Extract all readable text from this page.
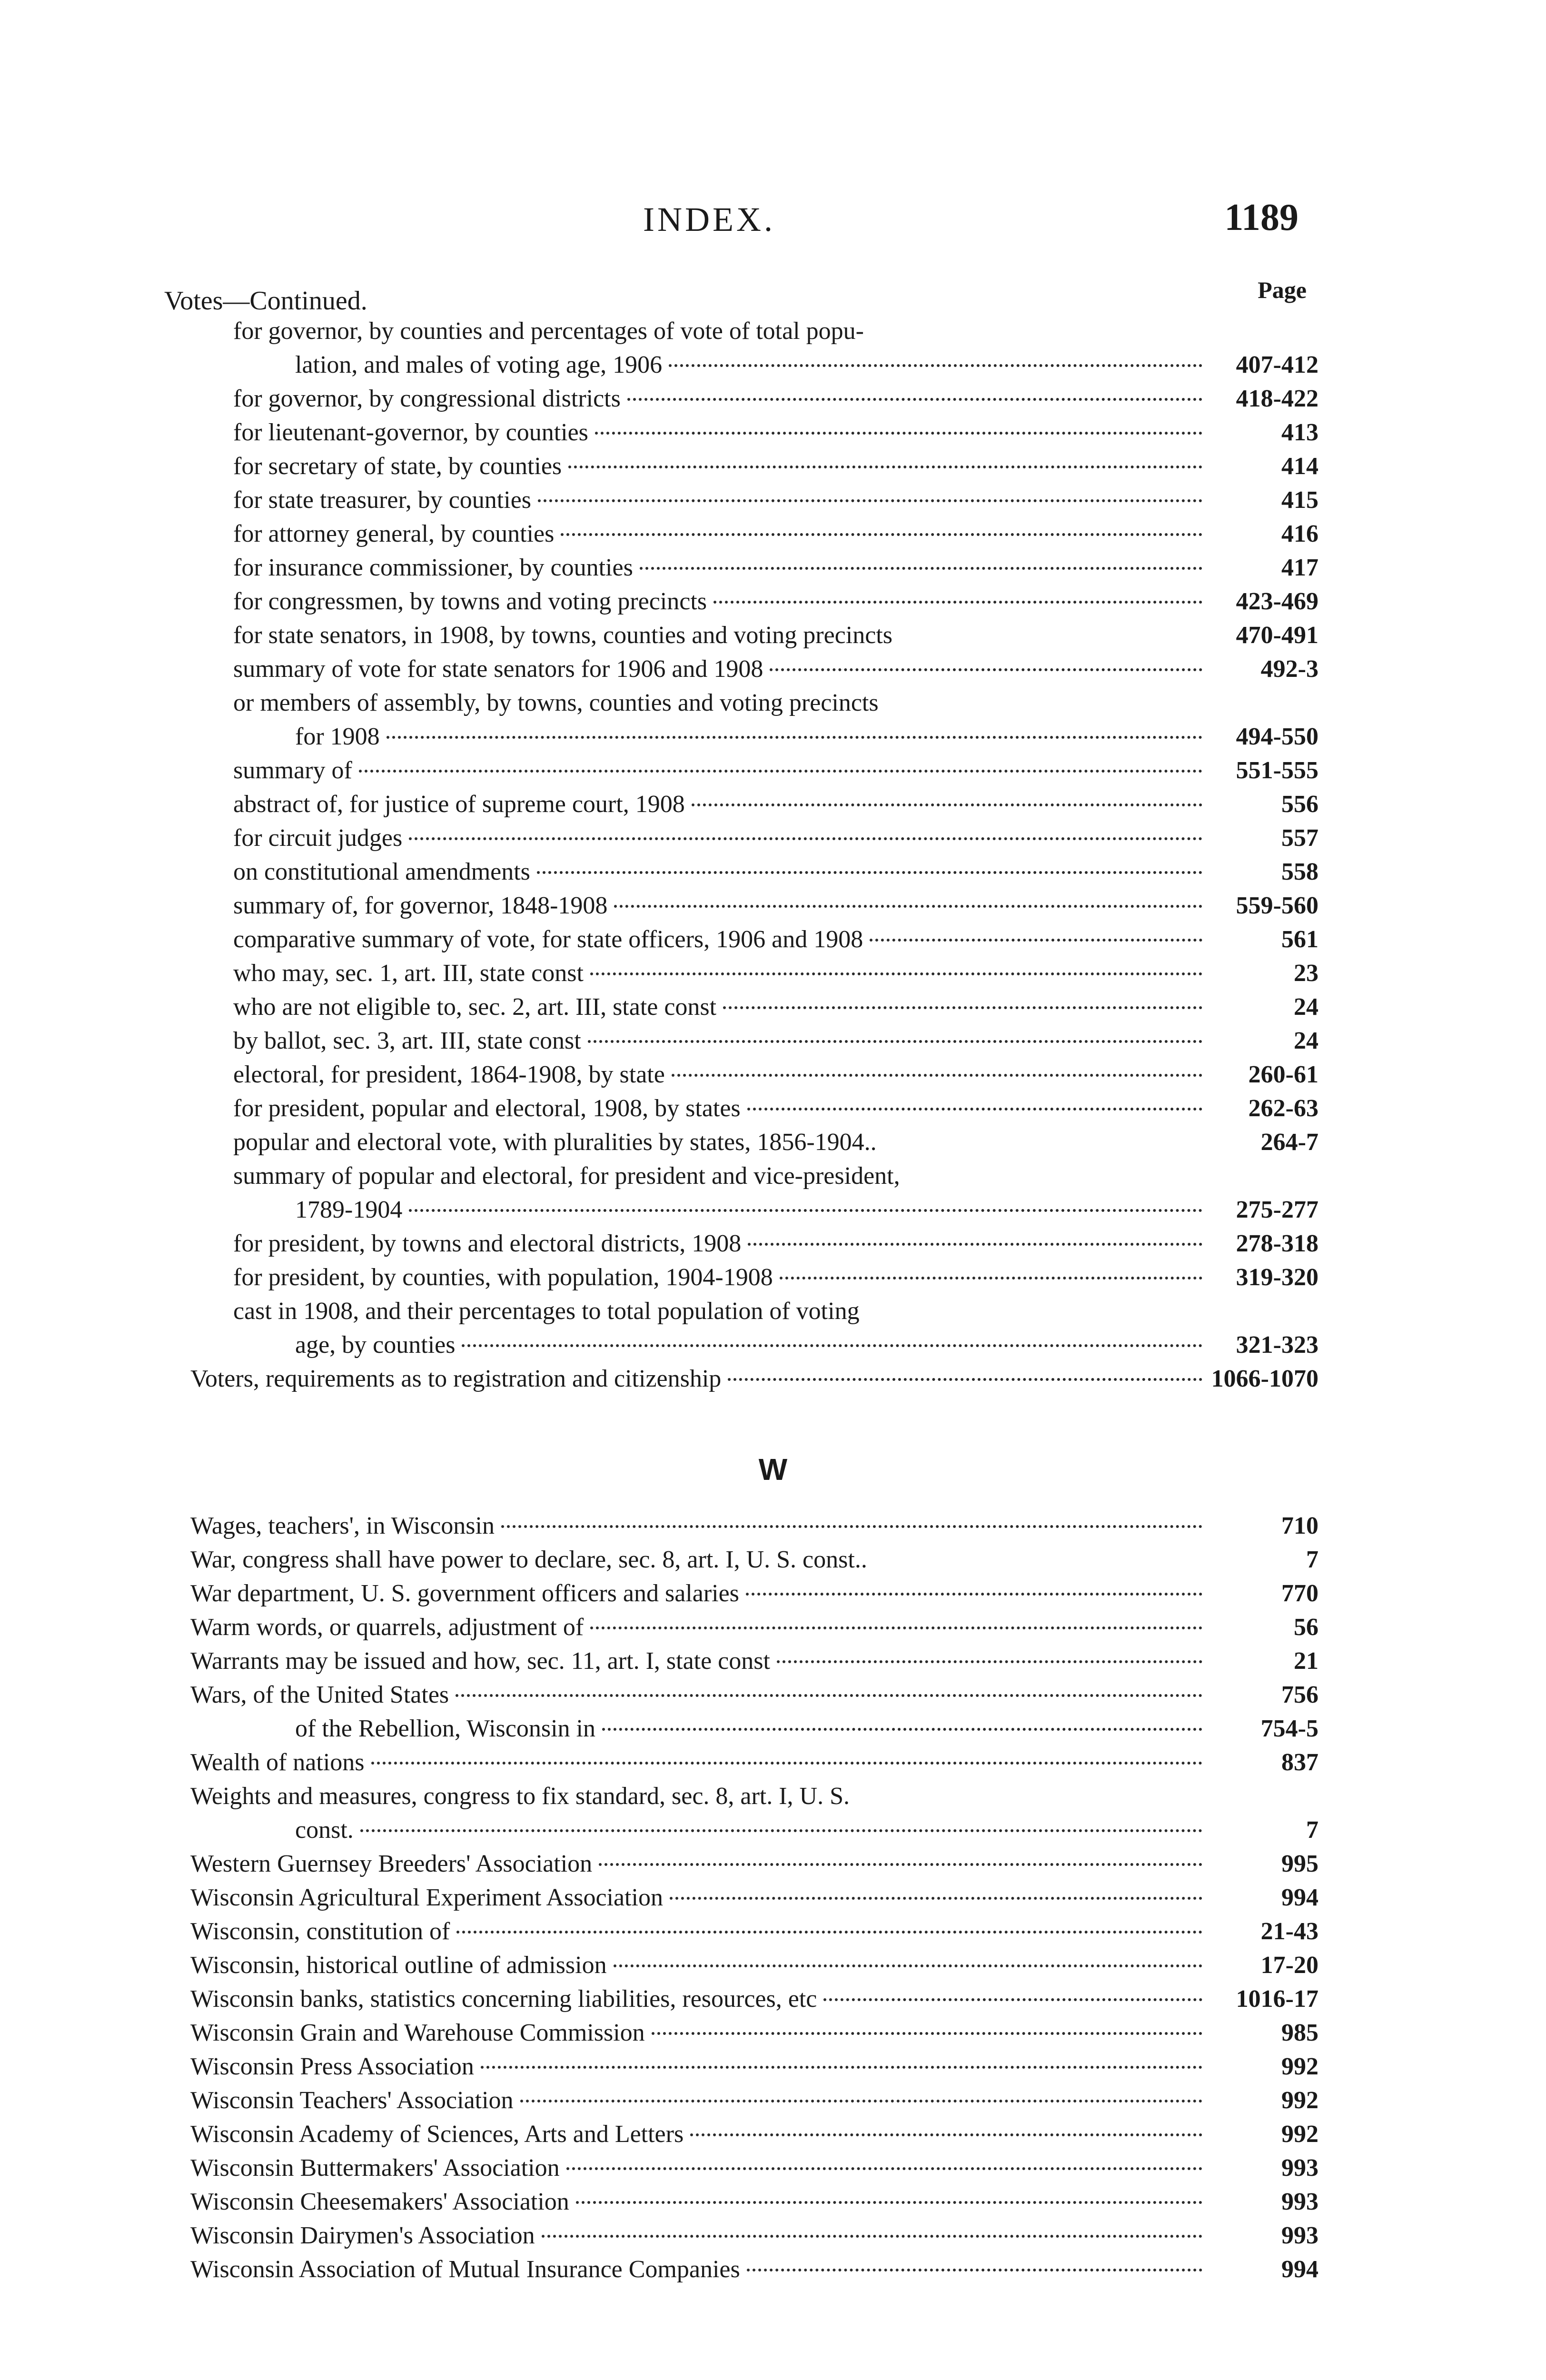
INDEX.	1189
Votes—Continued.	Page
for governor, by counties and percentages of vote of total popu-
lation, and males of voting age, 1906	407-412
for governor, by congressional districts	418-422
for lieutenant-governor, by counties	413
for secretary of state, by counties	414
for state treasurer, by counties	415
for attorney general, by counties	416
for insurance commissioner, by counties	417
for congressmen, by towns and voting precincts	423-469
for state senators, in 1908, by towns, counties and voting precincts	470-491
summary of vote for state senators for 1906 and 1908	492-3
or members of assembly, by towns, counties and voting precincts
for 1908	494-550
summary of	551-555
abstract of, for justice of supreme court, 1908	556
for circuit judges	557
on constitutional amendments	558
summary of, for governor, 1848-1908	559-560
comparative summary of vote, for state officers, 1906 and 1908	561
who may, sec. 1, art. III, state const	23
who are not eligible to, sec. 2, art. III, state const	24
by ballot, sec. 3, art. III, state const	24
electoral, for president, 1864-1908, by state	260-61
for president, popular and electoral, 1908, by states	262-63
popular and electoral vote, with pluralities by states, 1856-1904..	264-7
summary of popular and electoral, for president and vice-president,
1789-1904	275-277
for president, by towns and electoral districts, 1908	278-318
for president, by counties, with population, 1904-1908	319-320
cast in 1908, and their percentages to total population of voting
age, by counties	321-323
Voters, requirements as to registration and citizenship	1066-1070
W
Wages, teachers', in Wisconsin	710
War, congress shall have power to declare, sec. 8, art. I, U. S. const..	7
War department, U. S. government officers and salaries	770
Warm words, or quarrels, adjustment of	56
Warrants may be issued and how, sec. 11, art. I, state const	21
Wars, of the United States	756
of the Rebellion, Wisconsin in	754-5
Wealth of nations	837
Weights and measures, congress to fix standard, sec. 8, art. I, U. S.
const.	7
Western Guernsey Breeders' Association	995
Wisconsin Agricultural Experiment Association	994
Wisconsin, constitution of	21-43
Wisconsin, historical outline of admission	17-20
Wisconsin banks, statistics concerning liabilities, resources, etc	1016-17
Wisconsin Grain and Warehouse Commission	985
Wisconsin Press Association	992
Wisconsin Teachers' Association	992
Wisconsin Academy of Sciences, Arts and Letters	992
Wisconsin Buttermakers' Association	993
Wisconsin Cheesemakers' Association	993
Wisconsin Dairymen's Association	993
Wisconsin Association of Mutual Insurance Companies	994
